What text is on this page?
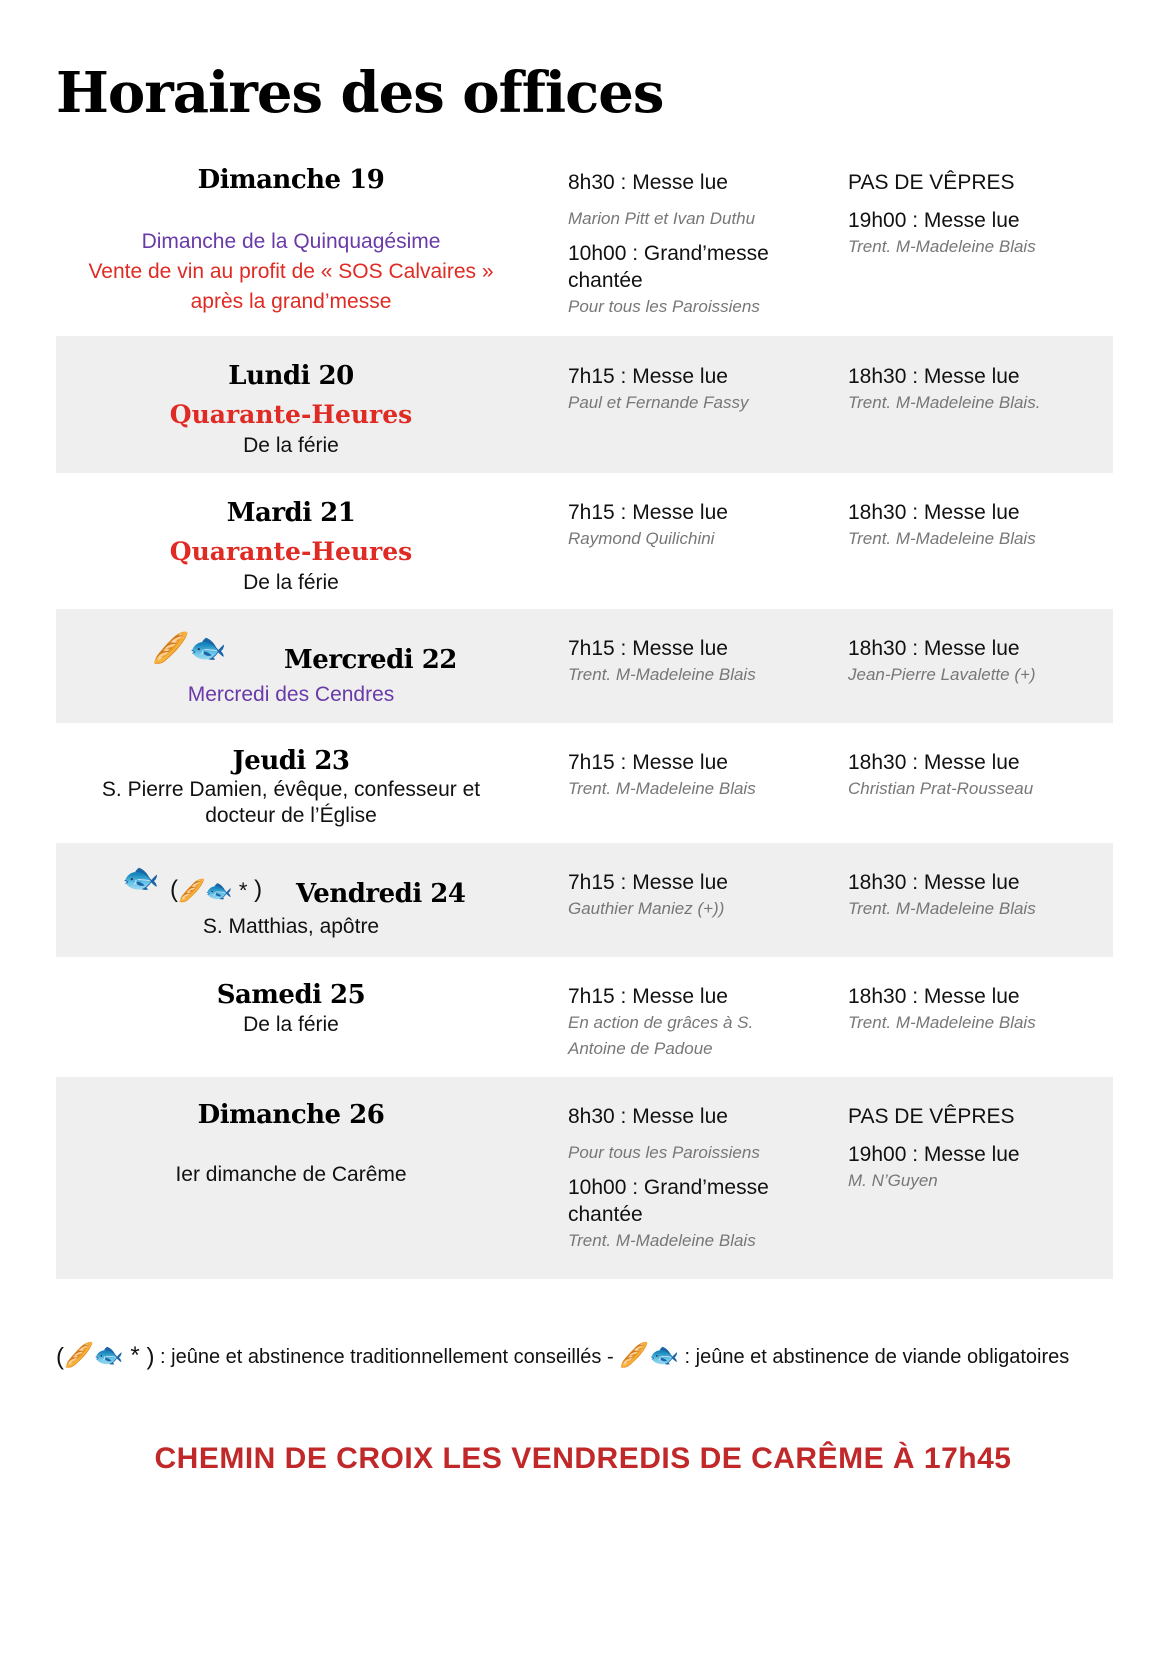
Horaires des offices
Dimanche 19
Dimanche de la Quinquagésime
Vente de vin au profit de « SOS Calvaires »
après la grand’messe
8h30 : Messe lue
Marion Pitt et Ivan Duthu
10h00 : Grand’messe chantée
Pour tous les Paroissiens
PAS DE VÊPRES
19h00 : Messe lue
Trent. M-Madeleine Blais
Lundi 20
Quarante-Heures
De la férie
7h15 : Messe lue
Paul et Fernande Fassy
18h30 : Messe lue
Trent. M-Madeleine Blais.
Mardi 21
Quarante-Heures
De la férie
7h15 : Messe lue
Raymond Quilichini
18h30 : Messe lue
Trent. M-Madeleine Blais
🥖🐟 Mercredi 22
Mercredi des Cendres
7h15 : Messe lue
Trent. M-Madeleine Blais
18h30 : Messe lue
Jean-Pierre Lavalette (+)
Jeudi 23
S. Pierre Damien, évêque, confesseur et docteur de l’Église
7h15 : Messe lue
Trent. M-Madeleine Blais
18h30 : Messe lue
Christian Prat-Rousseau
🐟 (🥖🐟 * ) Vendredi 24
S. Matthias, apôtre
7h15 : Messe lue
Gauthier Maniez (+))
18h30 : Messe lue
Trent. M-Madeleine Blais
Samedi 25
De la férie
7h15 : Messe lue
En action de grâces à S. Antoine de Padoue
18h30 : Messe lue
Trent. M-Madeleine Blais
Dimanche 26
Ier dimanche de Carême
8h30 : Messe lue
Pour tous les Paroissiens
10h00 : Grand’messe chantée
Trent. M-Madeleine Blais
PAS DE VÊPRES
19h00 : Messe lue
M. N’Guyen
(🥖🐟 * ) : jeûne et abstinence traditionnellement conseillés - 🥖🐟 : jeûne et abstinence de viande obligatoires
CHEMIN DE CROIX LES VENDREDIS DE CARÊME À 17h45
